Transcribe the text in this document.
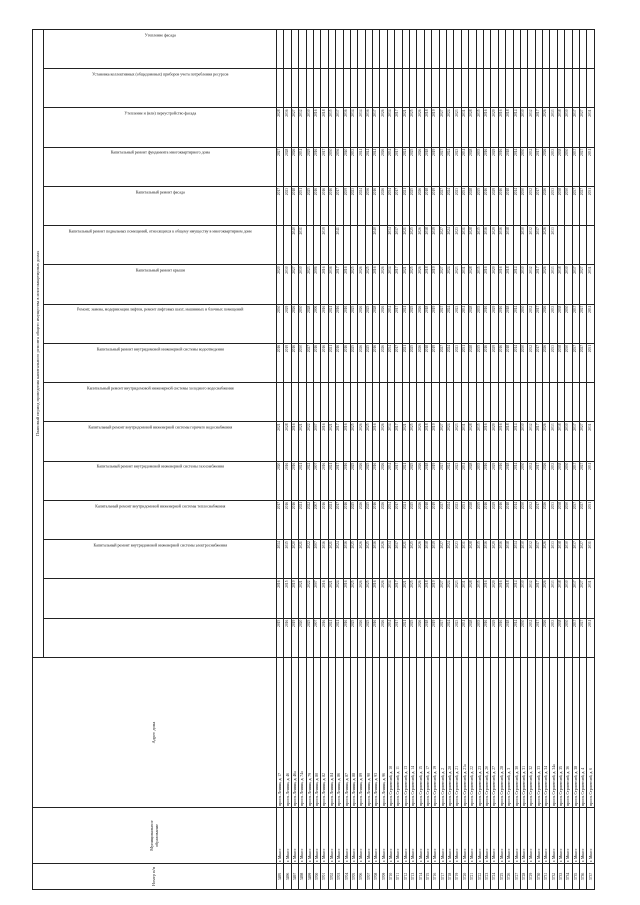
Номер п/п	Муниципальное образование	Адрес дома	Плановый период проведения капитального ремонта общего имущества в многоквартирных домах															

			Капитальный ремонт внутридомовой инженерной системы электроснабжения	Капитальный ремонт внутридомовой инженерной системы теплоснабжения	Капитальный ремонт внутридомовой инженерной системы газоснабжения	Капитальный ремонт внутридомовой инженерной системы горячего водоснабжения	Капитальный ремонт внутридомовой инженерной системы холодного водоснабжения	Капитальный ремонт внутридомовой инженерной системы водоотведения	Ремонт, замена, модернизация лифтов, ремонт лифтовых шахт, машинных и блочных помещений	Капитальный ремонт крыши	Капитальный ремонт подвальных помещений, относящихся к общему имуществу в многоквартирном доме	Капитальный ремонт фасада	Капитальный ремонт фундамента многоквартирного дома	Утепление и (или) переустройство фасада	Установка коллективных (общедомовых) приборов учета потребления ресурсов	Утепление фасада		
3495	г. Миасс	просп. Ленина, д. 17	2015	2016	2014	2017	2020	2021		2016	2030	2020		2017	2027	2028		
3496	г. Миасс	просп. Ленина, д. 46	2016	2015	2015	2016	2016	2028		2019	2029	2030		2023	2028	2036		
3497	г. Миасс	просп. Ленина, д. 46а	2019	2019	2020	2016	2016	2016		2016	2026	2027	2040	2018	2026	2027		
3498	г. Миасс	просп. Ленина, д. 74а	2020	2021	2021	2021	2021	2021		2030	2030	2030	2031	2031	2031	2032		
3499	г. Миасс	просп. Ленина, д. 79	2025	2022	2022	2022	2022	2022		2027	2028	2023		2025	2029	2030		
3700	г. Миасс	просп. Ленина, д. 80	2007	2007	2007	2007	2007	2007		2016	2006	2006		2016	2016	2016		
3701	г. Миасс	просп. Ленина, д. 82	2016	2016	2016	2016	2016	2016		2016	2016	2016	2039	2016	2017	2018		
3702	г. Миасс	просп. Ленина, д. 84	2021	2021	2021	2021	2021	2021		2021	2021	2036		2016	2030	2035		
3703	г. Миасс	просп. Ленина, д. 86	2021	2024	2024	2017	2017	2017		2016	2016	2017	2041	2017	2036	2037		
3704	г. Миасс	просп. Ленина, д. 87	2016	2016	2016	2016	2016	2016		2016	2016	2016		2039	2040	2036		
3705	г. Миасс	просп. Ленина, д. 88	2025	2025	2025	2025	2025	2025		2025	2025	2025		2023	2033	2034		
3706	г. Миасс	просп. Ленина, д. 89	2026	2026	2026	2026	2026	2026		2026	2026	2026		2024	2041	2034		
3707	г. Миасс	просп. Ленина, д. 90	2025	2025	2025	2025	2025	2025		2025	2025	2025		2036	2041	2036		
3708	г. Миасс	просп. Ленина, д. 93	2016	2016	2016	2016	2016	2016		2016	2028	2016	2040	2016	2041	2037		
3709	г. Миасс	просп. Ленина, д. 96	2026	2026	2026	2026	2026	2026		2026	2026	2026		2026	2026	2026		
3710	г. Миасс	просп. Строителей, д. 10	2034	2034	2034	2034	2034	2034		2034	2034	2034	2034	2034	2034	2034		
3711	г. Миасс	просп. Строителей, д. 11	2017	2017	2017	2017	2017	2017		2017	2017	2017	2017	2017	2017	2017		
3712	г. Миасс	просп. Строителей, д. 13	2021	2021	2021	2021	2021	2021		2021	2021	2021	2021	2021	2021	2021		
3713	г. Миасс	просп. Строителей, д. 14	2025	2025	2025	2025	2025	2025		2025	2025	2025	2025	2025	2025	2025		
3714	г. Миасс	просп. Строителей, д. 15	2026	2026	2026	2026	2026	2026		2026	2026	2026	2026	2026	2026	2026		
3715	г. Миасс	просп. Строителей, д. 17	2018	2018	2018	2018	2018	2018		2018	2018	2018	2018	2018	2018	2018		
3716	г. Миасс	просп. Строителей, д. 19	2019	2019	2019	2019	2019	2019		2019	2019	2019	2019	2019	2019	2019		
3717	г. Миасс	просп. Строителей, д. 2	2027	2027	2027	2027	2027	2027		2027	2027	2027	2027	2027	2027	2027		
3718	г. Миасс	просп. Строителей, д. 20	2024	2024	2024	2024	2024	2024		2024	2024	2024	2024	2024	2024	2024		
3719	г. Миасс	просп. Строителей, д. 21	2023	2023	2023	2023	2023	2023		2023	2023	2023	2023	2023	2023	2023		
3720	г. Миасс	просп. Строителей, д. 21а	2031	2031	2031	2031	2031	2031		2031	2031	2031	2031	2031	2031	2031		
3721	г. Миасс	просп. Строителей, д. 22	2028	2028	2028	2028	2028	2028		2028	2028	2028	2028	2028	2028	2028		
3722	г. Миасс	просп. Строителей, д. 23	2035	2035	2035	2035	2035	2035		2035	2035	2035	2035	2035	2035	2035		
3723	г. Миасс	просп. Строителей, д. 2б	2016	2016	2016	2016	2016	2016		2016	2016	2016	2016	2016	2016	2016		
3724	г. Миасс	просп. Строителей, д. 27	2029	2029	2029	2029	2029	2029		2029	2029	2029	2029	2029	2029	2029		
3725	г. Миасс	просп. Строителей, д. 28	2016	2016	2016	2016	2016	2016		2016	2016	2016	2016	2016	2016	2016		
3726	г. Миасс	просп. Строителей, д. 3	2018	2018	2018	2018	2018	2018		2018	2018	2018	2018	2018	2018	2018		
3727	г. Миасс	просп. Строителей, д. 30	2014	2014	2014	2014	2014	2014		2014	2014	2014		2014	2014	2014		
3728	г. Миасс	просп. Строителей, д. 31	2030	2030	2030	2030	2030	2030		2030	2030	2030	2030	2030	2030	2030		
3729	г. Миасс	просп. Строителей, д. 32	2032	2032	2032	2032	2032	2032		2032	2032	2032	2032	2032	2032	2032		
3730	г. Миасс	просп. Строителей, д. 33	2017	2017	2017	2017	2017	2017		2017	2017	2017	2017	2017	2017	2017		
3731	г. Миасс	просп. Строителей, д. 34	2026	2026	2026	2026	2026	2026		2026	2026	2026	2026	2026	2026	2026		
3732	г. Миасс	просп. Строителей, д. 34а	2033	2033	2033	2033	2033	2033		2033	2033	2033	2033	2033	2033	2033		
3733	г. Миасс	просп. Строителей, д. 35	2038	2038	2038	2038	2038	2038		2038	2038	2038		2038	2038	2038		
3734	г. Миасс	просп. Строителей, д. 36	2030	2030	2030	2030	2030	2030		2030	2030	2030		2030	2030	2030		
3735	г. Миасс	просп. Строителей, д. 38	2037	2037	2037	2037	2037	2037		2037	2037	2037		2037	2037	2037		
3736	г. Миасс	просп. Строителей, д. 4	2027	2027	2027	2027	2027	2027		2027	2027	2027		2027	2027	2027		
3737	г. Миасс	просп. Строителей, д. 6	2031	2031	2031	2031	2031	2031		2031	2031	2031		2031	2031	2031		
